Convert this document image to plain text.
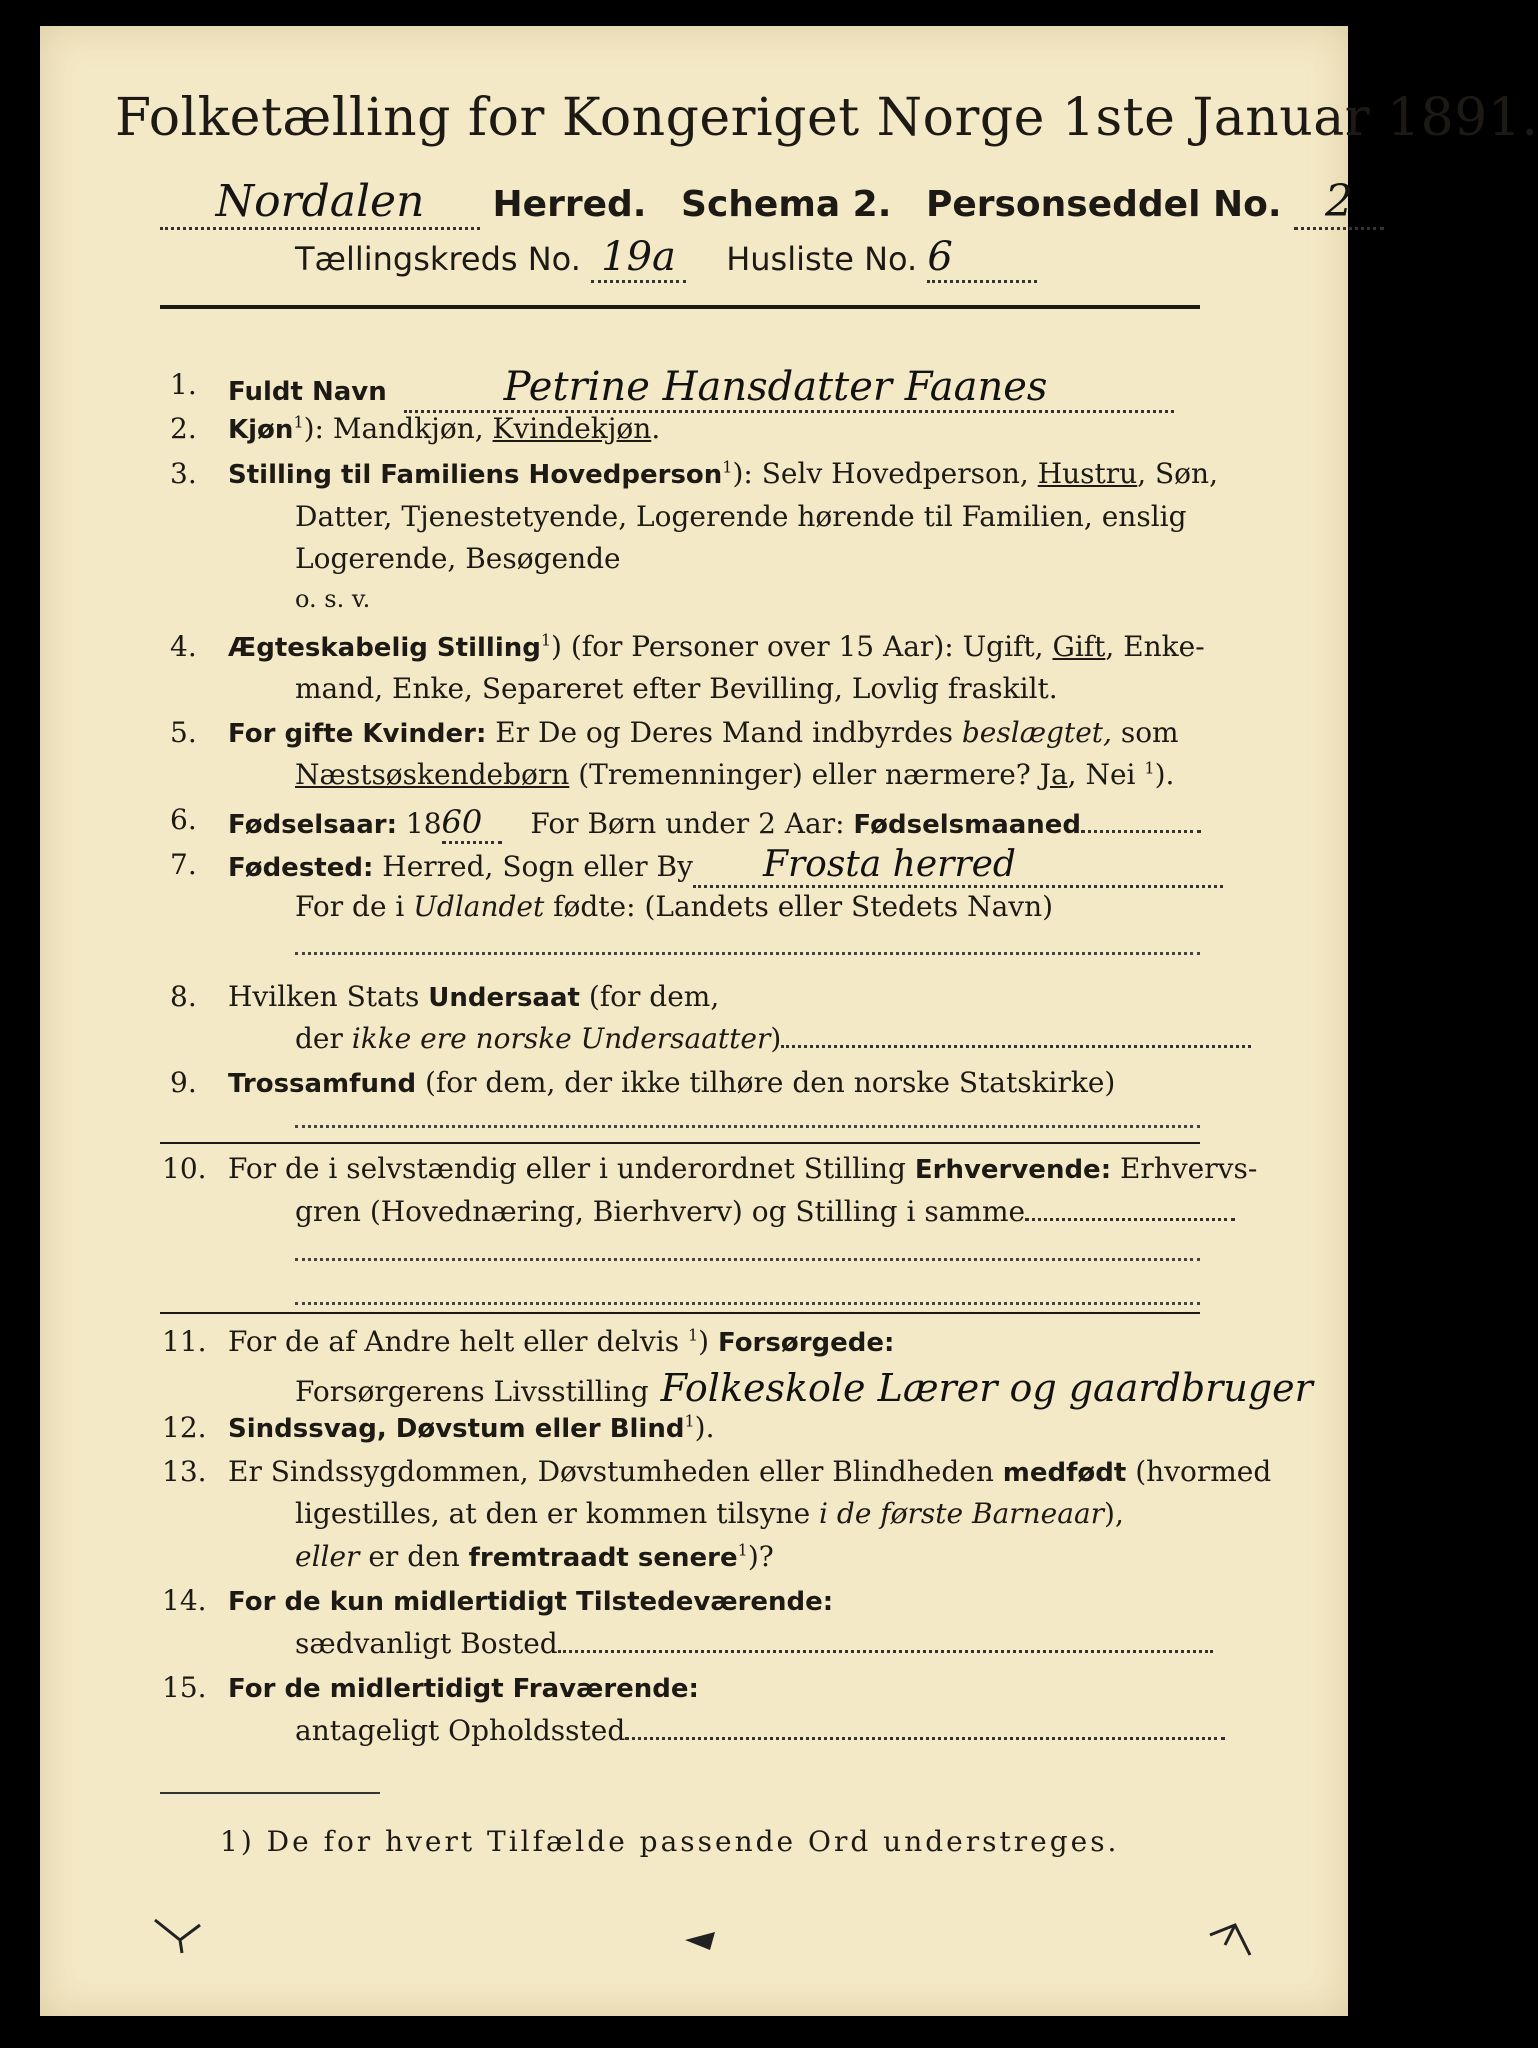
Folketælling for Kongeriget Norge 1ste Januar 1891.
Nordalen Herred. Schema 2. Personseddel No. 2
Tællingskreds No. 19a Husliste No. 6
1. Fuldt Navn	Petrine Hansdatter Faanes
2. Kjøn$^1$): Mandkjøn, Kvindekjøn.
3. Stilling til Familiens Hovedperson$^1$): Selv Hovedperson, Hustru, Søn,
Datter, Tjenestetyende, Logerende hørende til Familien, enslig
Logerende, Besøgende
o. s. v.
4. Ægteskabelig Stilling$^1$) (for Personer over 15 Aar): Ugift, Gift, Enke-
mand, Enke, Separeret efter Bevilling, Lovlig fraskilt.
5. For gifte Kvinder: Er De og Deres Mand indbyrdes beslægtet, som
Næstsøskendebørn (Tremenninger) eller nærmere? Ja, Nei $^1$).
6. Fødselsaar: 1860 For Børn under 2 Aar: Fødselsmaaned
7. Fødested: Herred, Sogn eller By Frosta herred
For de i Udlandet fødte: (Landets eller Stedets Navn)
8. Hvilken Stats Undersaat (for dem,
der ikke ere norske Undersaatter)
9. Trossamfund (for dem, der ikke tilhøre den norske Statskirke)
10. For de i selvstændig eller i underordnet Stilling Erhvervende: Erhvervs-
gren (Hovednæring, Bierhverv) og Stilling i samme
11. For de af Andre helt eller delvis $^1$) Forsørgede:
Forsørgerens Livsstilling Folkeskole Lærer og gaardbruger
12. Sindssvag, Døvstum eller Blind$^1$).
13. Er Sindssygdommen, Døvstumheden eller Blindheden medfødt (hvormed
ligestilles, at den er kommen tilsyne i de første Barneaar),
eller er den fremtraadt senere$^1$)?
14. For de kun midlertidigt Tilstedeværende:
sædvanligt Bosted
15. For de midlertidigt Fraværende:
antageligt Opholdssted
1) De for hvert Tilfælde passende Ord understreges.
